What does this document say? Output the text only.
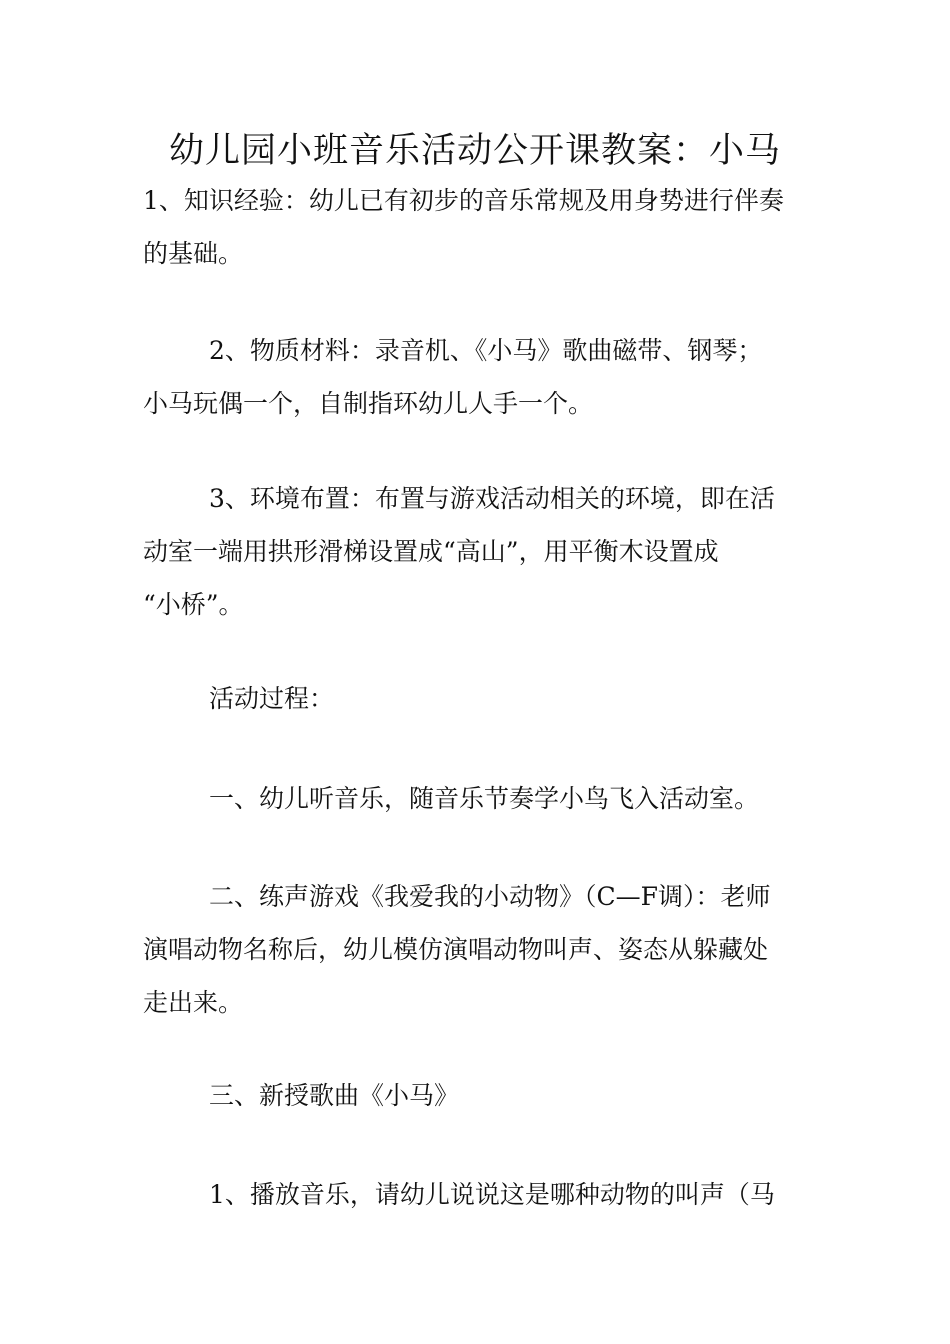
幼儿园小班音乐活动公开课教案：小马
1、知识经验：幼儿已有初步的音乐常规及用身势进行伴奏
的基础。
2、物质材料：录音机、《小马》歌曲磁带、钢琴；
小马玩偶一个，自制指环幼儿人手一个。
3、环境布置：布置与游戏活动相关的环境，即在活
动室一端用拱形滑梯设置成“高山”，用平衡木设置成
“小桥”。
活动过程：
一、幼儿听音乐，随音乐节奏学小鸟飞入活动室。
二、练声游戏《我爱我的小动物》（C—F调）：老师
演唱动物名称后，幼儿模仿演唱动物叫声、姿态从躲藏处
走出来。
三、新授歌曲《小马》
1、播放音乐，请幼儿说说这是哪种动物的叫声（马
